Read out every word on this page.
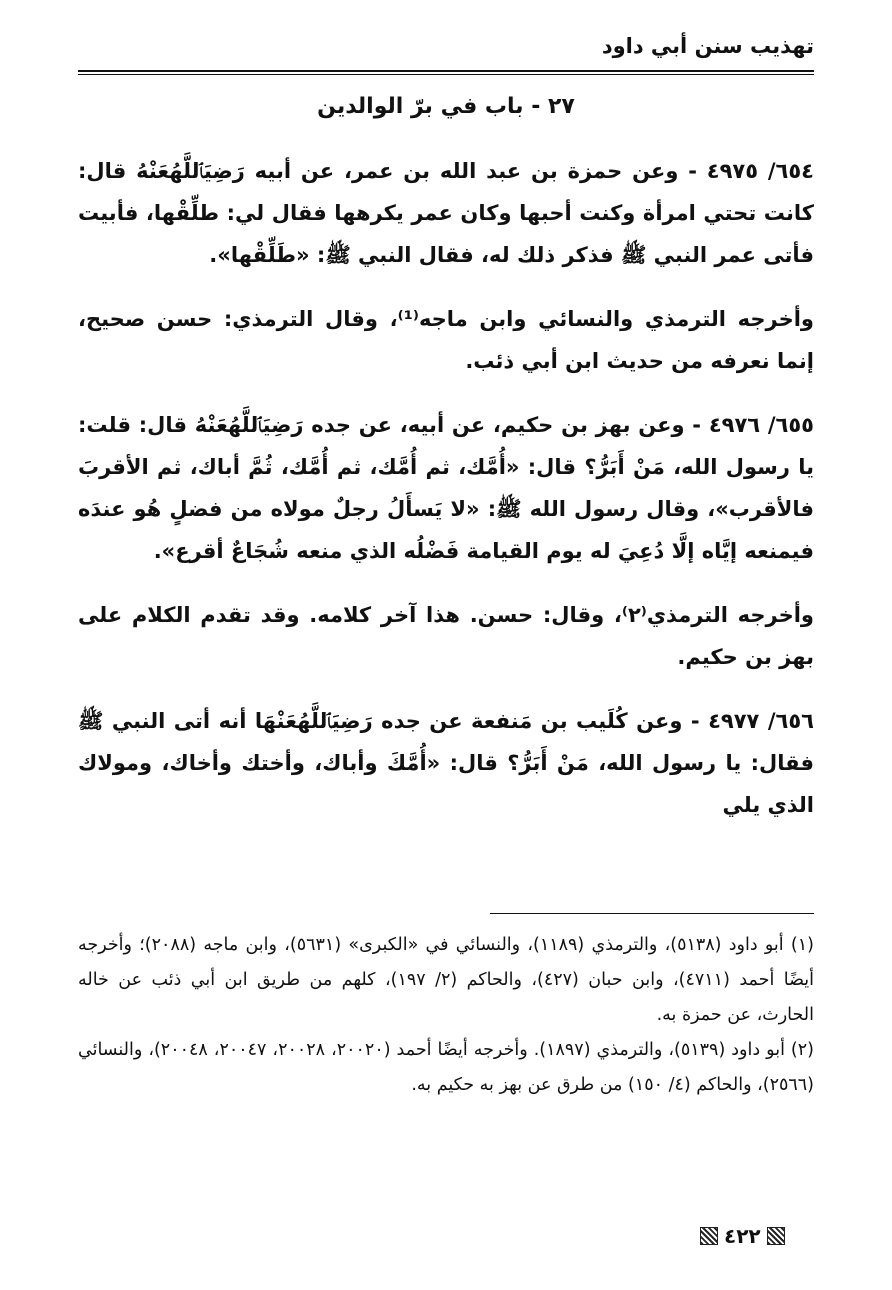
تهذيب سنن أبي داود
٢٧ - باب في برّ الوالدين

٦٥٤/ ٤٩٧٥ - وعن حمزة بن عبد الله بن عمر، عن أبيه رَضِيَٱللَّهُعَنْهُ قال: كانت تحتي امرأة وكنت أحبها وكان عمر يكرهها فقال لي: طلِّقْها، فأبيت فأتى عمر النبي ﷺ فذكر ذلك له، فقال النبي ﷺ: «طَلِّقْها».

وأخرجه الترمذي والنسائي وابن ماجه⁽¹⁾، وقال الترمذي: حسن صحيح، إنما نعرفه من حديث ابن أبي ذئب.

٦٥٥/ ٤٩٧٦ - وعن بهز بن حكيم، عن أبيه، عن جده رَضِيَٱللَّهُعَنْهُ قال: قلت: يا رسول الله، مَنْ أَبَرُّ؟ قال: «أُمَّك، ثم أُمَّك، ثم أُمَّك، ثُمَّ أباك، ثم الأقربَ فالأقرب»، وقال رسول الله ﷺ: «لا يَسأَلُ رجلٌ مولاه من فضلٍ هُو عندَه فيمنعه إيَّاه إلَّا دُعِيَ له يوم القيامة فَضْلُه الذي منعه شُجَاعٌ أقرع».

وأخرجه الترمذي⁽٢⁾، وقال: حسن. هذا آخر كلامه. وقد تقدم الكلام على بهز بن حكيم.

٦٥٦/ ٤٩٧٧ - وعن كُلَيب بن مَنفعة عن جده رَضِيَٱللَّهُعَنْهَا أنه أتى النبي ﷺ فقال: يا رسول الله، مَنْ أَبَرُّ؟ قال: «أُمَّكَ وأباك، وأختك وأخاك، ومولاك الذي يلي

(١) أبو داود (٥١٣٨)، والترمذي (١١٨٩)، والنسائي في «الكبرى» (٥٦٣١)، وابن ماجه (٢٠٨٨)؛ وأخرجه أيضًا أحمد (٤٧١١)، وابن حبان (٤٢٧)، والحاكم (٢/ ١٩٧)، كلهم من طريق ابن أبي ذئب عن خاله الحارث، عن حمزة به.

(٢) أبو داود (٥١٣٩)، والترمذي (١٨٩٧). وأخرجه أيضًا أحمد (٢٠٠٢٠، ٢٠٠٢٨، ٢٠٠٤٧، ٢٠٠٤٨)، والنسائي (٢٥٦٦)، والحاكم (٤/ ١٥٠) من طرق عن بهز به حكيم به.

٤٢٢
